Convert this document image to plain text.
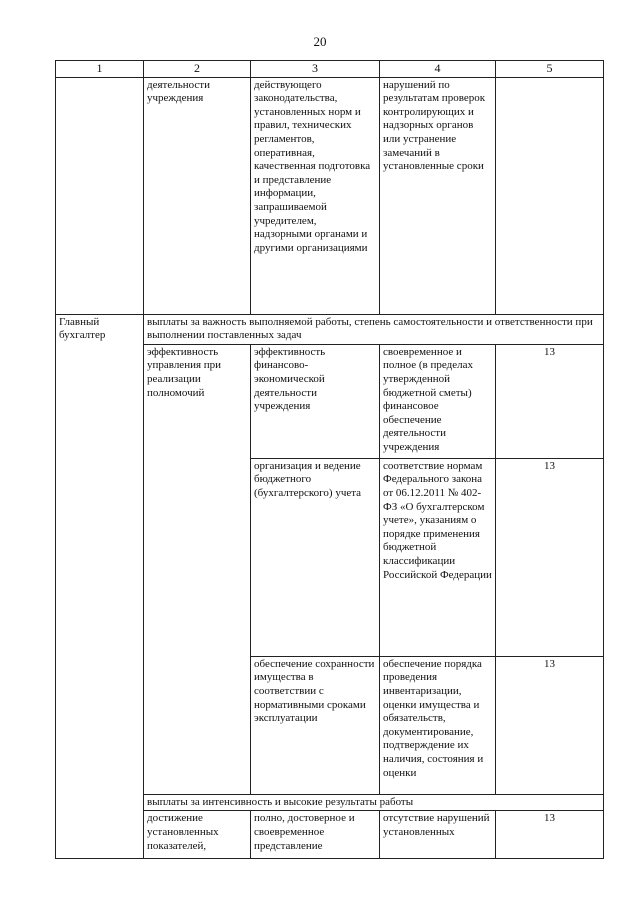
20
1	2	3	4	5
	деятельности учреждения	действующего законодательства, установленных норм и правил, технических регламентов, оперативная, качественная подготовка и представление информации, запрашиваемой учредителем, надзорными органами и другими организациями	нарушений по результатам проверок контролирующих и надзорных органов или устранение замечаний в установленные сроки	
Главный бухгалтер	выплаты за важность выполняемой работы, степень самостоятельности и ответственности при выполнении поставленных задач			
	эффективность управления при реализации полномочий	эффективность финансово-экономической деятельности учреждения	своевременное и полное (в пределах утвержденной бюджетной сметы) финансовое обеспечение деятельности учреждения	13
		организация и ведение бюджетного (бухгалтерского) учета	соответствие нормам Федерального закона от 06.12.2011 № 402-ФЗ «О бухгалтерском учете», указаниям о порядке применения бюджетной классификации Российской Федерации	13
		обеспечение сохранности имущества в соответствии с нормативными сроками эксплуатации	обеспечение порядка проведения инвентаризации, оценки имущества и обязательств, документирование, подтверждение их наличия, состояния и оценки	13
	выплаты за интенсивность и высокие результаты работы			
	достижение установленных показателей,	полно, достоверное и своевременное представление	отсутствие нарушений установленных	13
